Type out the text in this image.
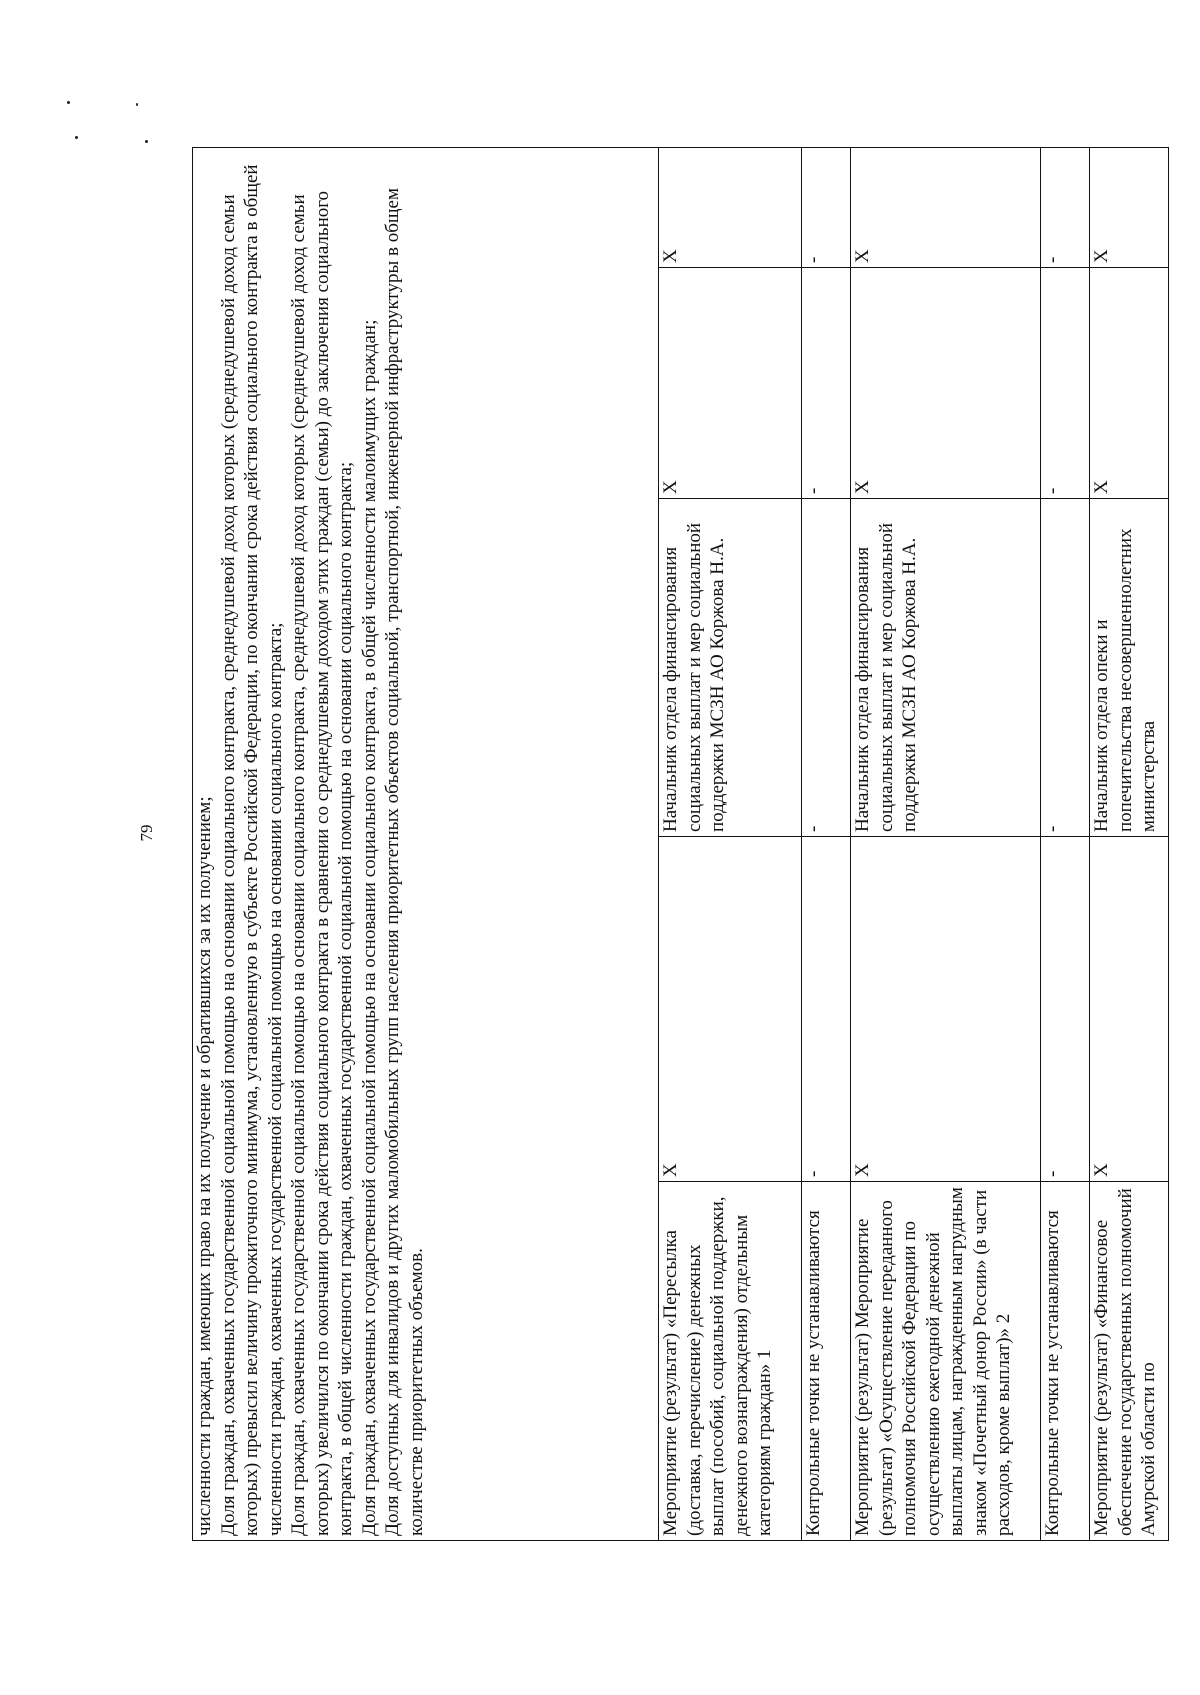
79 численности граждан, имеющих право на их получение и обратившихся за их получением; Доля граждан, охваченных государственной социальной помощью на основании социального контракта, среднедушевой доход которых (среднедушевой доход семьи которых) превысил величину прожиточного минимума, установленную в субъекте Российской Федерации, по окончании срока действия социального контракта в общей численности граждан, охваченных государственной социальной помощью на основании социального контракта; Доля граждан, охваченных государственной социальной помощью на основании социального контракта, среднедушевой доход которых (среднедушевой доход семьи которых) увеличился по окончании срока действия социального контракта в сравнении со среднедушевым доходом этих граждан (семьи) до заключения социального контракта, в общей численности граждан, охваченных государственной социальной помощью на основании социального контракта; Доля граждан, охваченных государственной социальной помощью на основании социального контракта, в общей численности малоимущих граждан; Доля доступных для инвалидов и других маломобильных групп населения приоритетных объектов социальной, транспортной, инженерной инфраструктуры в общем количестве приоритетных объемов.				

Мероприятие (результат) «Пересылка (доставка, перечисление) денежных выплат (пособий, социальной поддержки, денежного вознаграждения) отдельным категориям граждан» 1	X	Начальник отдела финансирования социальных выплат и мер социальной поддержки МСЗН АО Коржова Н.А.	X	X
Контрольные точки не устанавливаются	-	-	-	-
Мероприятие (результат) Мероприятие (результат) «Осуществление переданного полномочия Российской Федерации по осуществлению ежегодной денежной выплаты лицам, награжденным нагрудным знаком «Почетный донор России» (в части расходов, кроме выплат)» 2	X	Начальник отдела финансирования социальных выплат и мер социальной поддержки МСЗН АО Коржова Н.А.	X	X
Контрольные точки не устанавливаются	-	-	-	-
Мероприятие (результат) «Финансовое обеспечение государственных полномочий Амурской области по	X	Начальник отдела опеки и попечительства несовершеннолетних министерства	X	X
